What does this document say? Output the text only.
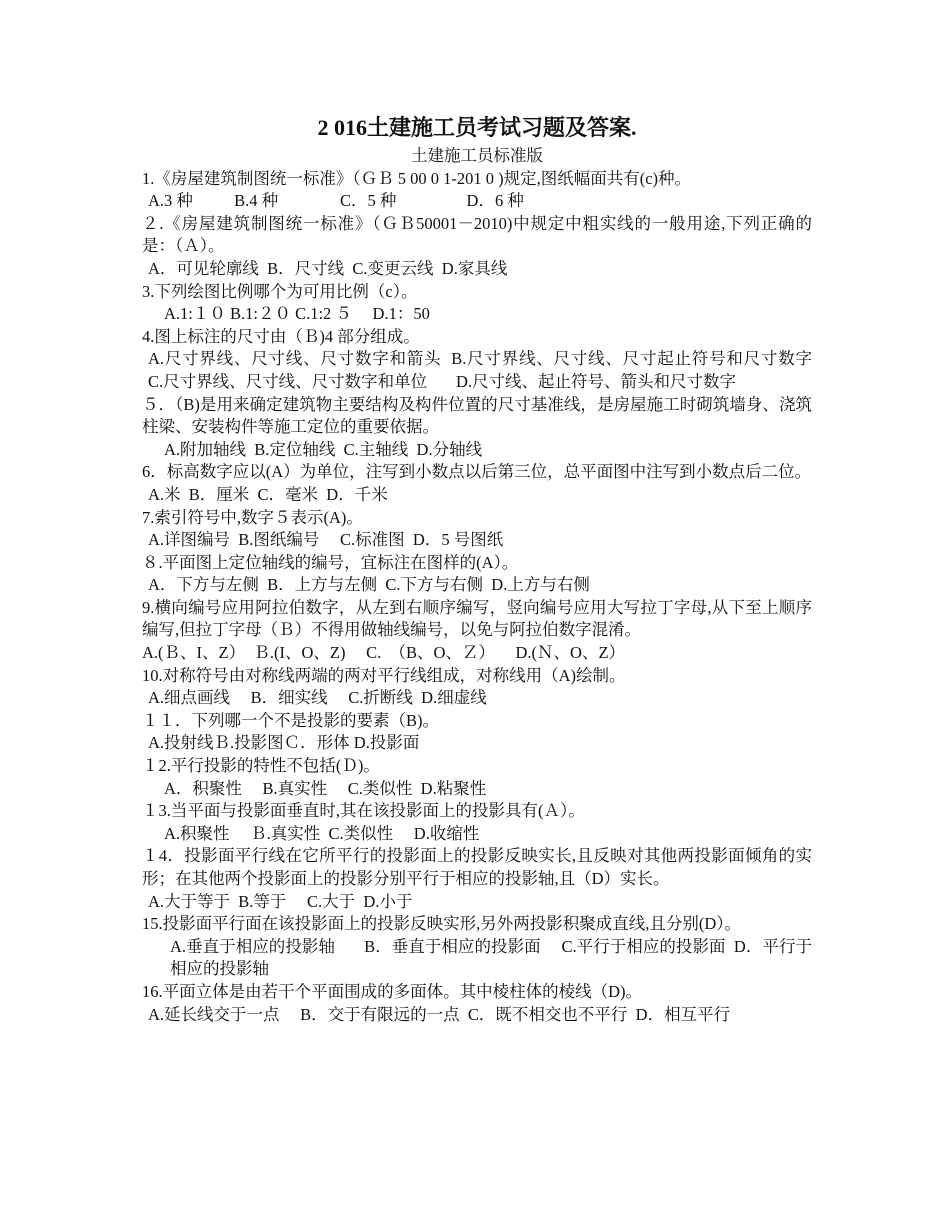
2 016土建施工员考试习题及答案.
土建施工员标准版
1.《房屋建筑制图统一标准》（ＧＢ 5 00 0 1-201 0 )规定,图纸幅面共有(c)种。
A.3 种          B.4 种               C．5 种                 D．6 种
２.《房屋建筑制图统一标准》（ＧＢ50001－2010)中规定中粗实线的一般用途,下列正确的是：（Ａ）。
A．可见轮廓线  B．尺寸线  C.变更云线  D.家具线
3.下列绘图比例哪个为可用比例（c）。
A.1:１０ B.1:２０ C.1:2 ５     D.1：50
4.图上标注的尺寸由（Ｂ)4 部分组成。
A.尺寸界线、尺寸线、尺寸数字和箭头  B.尺寸界线、尺寸线、尺寸起止符号和尺寸数字     C.尺寸界线、尺寸线、尺寸数字和单位       D.尺寸线、起止符号、箭头和尺寸数字
５．（B)是用来确定建筑物主要结构及构件位置的尺寸基准线，是房屋施工时砌筑墙身、浇筑柱梁、安装构件等施工定位的重要依据。
A.附加轴线  B.定位轴线  C.主轴线  D.分轴线
6．标高数字应以(A）为单位，注写到小数点以后第三位，总平面图中注写到小数点后二位。
A.米  B．厘米  C．毫米  D．千米
7.索引符号中,数字５表示(A)。
A.详图编号  B.图纸编号     C.标准图  D．5 号图纸
８.平面图上定位轴线的编号，宜标注在图样的(A）。
A．下方与左侧  B．上方与左侧  C.下方与右侧  D.上方与右侧
9.横向编号应用阿拉伯数字，从左到右顺序编写，竖向编号应用大写拉丁字母,从下至上顺序编写,但拉丁字母（Ｂ）不得用做轴线编号，以免与阿拉伯数字混淆。
A.(Ｂ、I、Z）  Ｂ.(I、O、Z)     C.  （B、O、Ｚ）     D.(Ｎ、O、Z）
10.对称符号由对称线两端的两对平行线组成，对称线用（A)绘制。
A.细点画线     B．细实线     C.折断线  D.细虚线
１１．下列哪一个不是投影的要素（B)。
A.投射线Ｂ.投影图Ｃ．形体 D.投影面
１2.平行投影的特性不包括(Ｄ)。
A．积聚性     B.真实性     C.类似性  D.粘聚性
１3.当平面与投影面垂直时,其在该投影面上的投影具有(Ａ）。
A.积聚性     Ｂ.真实性  C.类似性     D.收缩性
１4．投影面平行线在它所平行的投影面上的投影反映实长,且反映对其他两投影面倾角的实形；在其他两个投影面上的投影分别平行于相应的投影轴,且（D）实长。
A.大于等于  B.等于     C.大于  D.小于
15.投影面平行面在该投影面上的投影反映实形,另外两投影积聚成直线,且分别(D）。
A.垂直于相应的投影轴       B．垂直于相应的投影面     C.平行于相应的投影面  D．平行于相应的投影轴
16.平面立体是由若干个平面围成的多面体。其中棱柱体的棱线（D)。
A.延长线交于一点     B．交于有限远的一点  C．既不相交也不平行  D．相互平行
